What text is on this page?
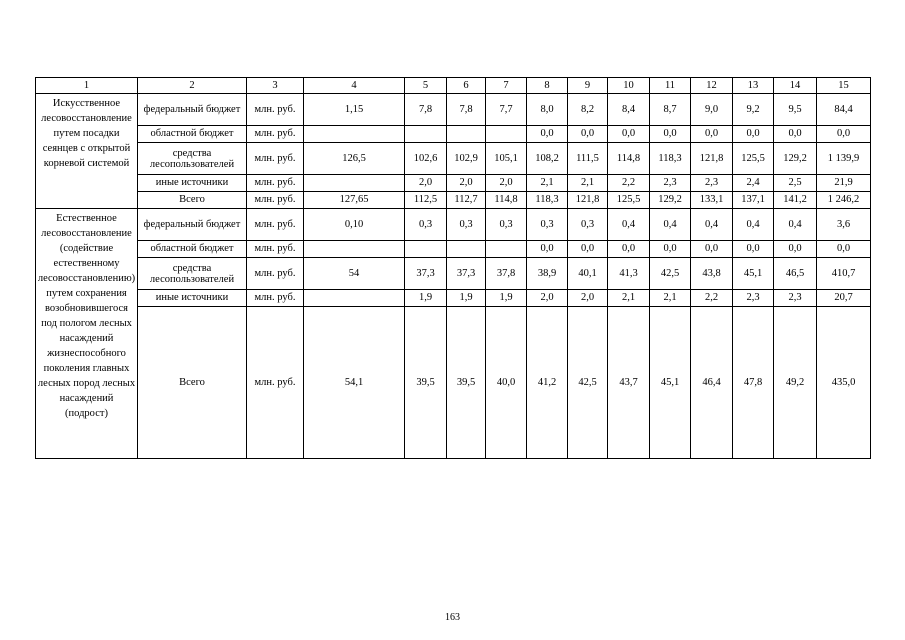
1	2	3	4	5	6	7	8	9	10	11	12	13	14	15
Искусственное лесовосстановление путем посадки сеянцев с открытой корневой системой	федеральный бюджет	млн. руб.	1,15	7,8	7,8	7,7	8,0	8,2	8,4	8,7	9,0	9,2	9,5	84,4
	областной бюджет	млн. руб.					0,0	0,0	0,0	0,0	0,0	0,0	0,0	0,0
	средства лесопользователей	млн. руб.	126,5	102,6	102,9	105,1	108,2	111,5	114,8	118,3	121,8	125,5	129,2	1 139,9
	иные источники	млн. руб.		2,0	2,0	2,0	2,1	2,1	2,2	2,3	2,3	2,4	2,5	21,9
	Всего	млн. руб.	127,65	112,5	112,7	114,8	118,3	121,8	125,5	129,2	133,1	137,1	141,2	1 246,2
Естественное лесовосстановление (содействие естественному лесовосстановлению) путем сохранения возобновившегося под пологом лесных насаждений жизнеспособного поколения главных лесных пород лесных насаждений (подрост)	федеральный бюджет	млн. руб.	0,10	0,3	0,3	0,3	0,3	0,3	0,4	0,4	0,4	0,4	0,4	3,6
	областной бюджет	млн. руб.					0,0	0,0	0,0	0,0	0,0	0,0	0,0	0,0
	средства лесопользователей	млн. руб.	54	37,3	37,3	37,8	38,9	40,1	41,3	42,5	43,8	45,1	46,5	410,7
	иные источники	млн. руб.		1,9	1,9	1,9	2,0	2,0	2,1	2,1	2,2	2,3	2,3	20,7
	Всего	млн. руб.	54,1	39,5	39,5	40,0	41,2	42,5	43,7	45,1	46,4	47,8	49,2	435,0
163
